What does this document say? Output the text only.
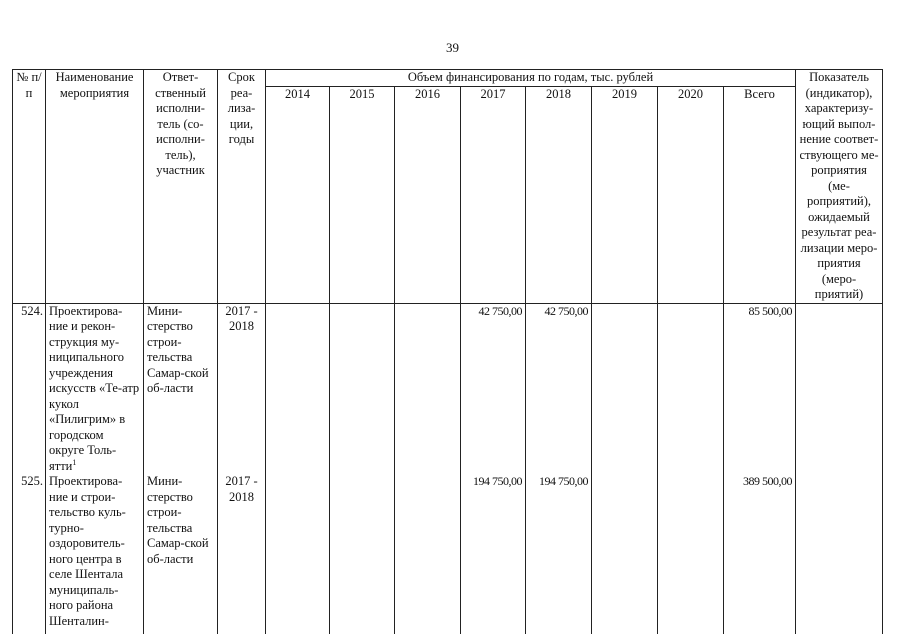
39
№ п/п	Наименование мероприятия	Ответ-ственный исполни-тель (со-исполни-тель), участник	Срок реа-лиза-ции, годы	Объем финансирования по годам, тыс. рублей								Показатель (индикатор), характеризу-ющий выпол-нение соответ-ствующего ме-роприятия (ме-роприятий), ожидаемый результат реа-лизации меро-приятия (меро-приятий)
				2014	2015	2016	2017	2018	2019	2020	Всего	
524.	Проектирова-ние и рекон-струкция му-ниципального учреждения искусств «Те-атр кукол «Пилигрим» в городском округе Толь-ятти$^1$	Мини-стерство строи-тельства Самар-ской об-ласти	2017 - 2018				42 750,00	42 750,00			85 500,00	
525.	Проектирова-ние и строи-тельство куль-турно-оздоровитель-ного центра в селе Шентала муниципаль-ного района Шенталин-	Мини-стерство строи-тельства Самар-ской об-ласти	2017 - 2018				194 750,00	194 750,00			389 500,00	
